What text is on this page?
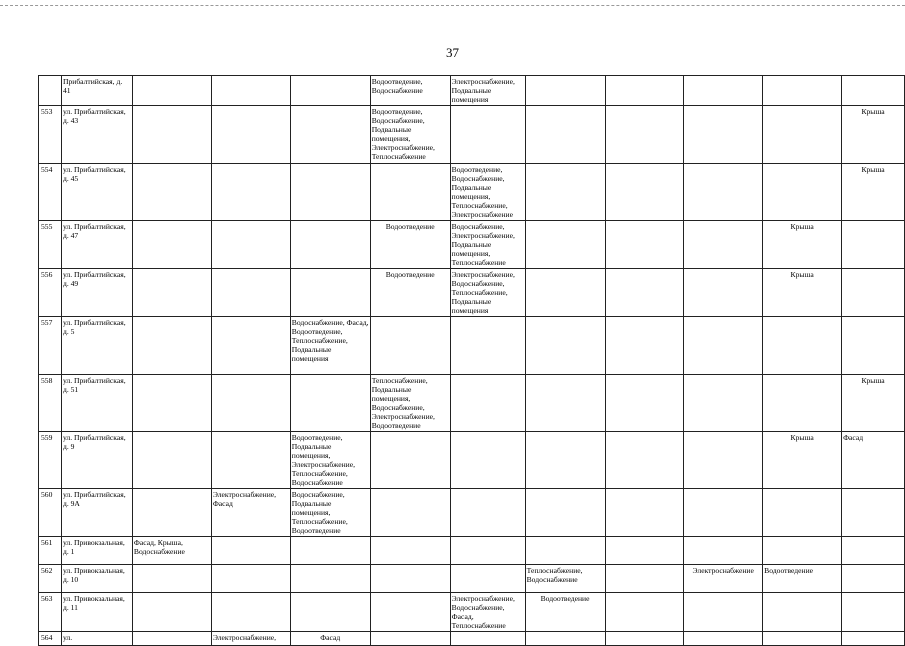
37
	Прибалтийская, д. 41				Водоотведение, Водоснабжение	Электроснабжение, Подвальные помещения					
553	ул. Прибалтийская, д. 43				Водоотведение, Водоснабжение, Подвальные помещения, Электроснабжение, Теплоснабжение						Крыша
554	ул. Прибалтийская, д. 45					Водоотведение, Водоснабжение, Подвальные помещения, Теплоснабжение, Электроснабжение					Крыша
555	ул. Прибалтийская, д. 47				Водоотведение	Водоснабжение, Электроснабжение, Подвальные помещения, Теплоснабжение				Крыша	
556	ул. Прибалтийская, д. 49				Водоотведение	Электроснабжение, Водоснабжение, Теплоснабжение, Подвальные помещения				Крыша	
557	ул. Прибалтийская, д. 5			Водоснабжение, Фасад, Водоотведение, Теплоснабжение, Подвальные помещения							
558	ул. Прибалтийская, д. 51				Теплоснабжение, Подвальные помещения, Водоснабжение, Электроснабжение, Водоотведение						Крыша
559	ул. Прибалтийская, д. 9			Водоотведение, Подвальные помещения, Электроснабжение, Теплоснабжение, Водоснабжение						Крыша	Фасад
560	ул. Прибалтийская, д. 9А		Электроснабжение, Фасад	Водоснабжение, Подвальные помещения, Теплоснабжение, Водоотведение							
561	ул. Привокзальная, д. 1	Фасад, Крыша, Водоснабжение									
562	ул. Привокзальная, д. 10						Теплоснабжение, Водоснабжение		Электроснабжение	Водоотведение	
563	ул. Привокзальная, д. 11					Электроснабжение, Водоснабжение, Фасад, Теплоснабжение	Водоотведение				
564	ул.		Электроснабжение,	Фасад							
